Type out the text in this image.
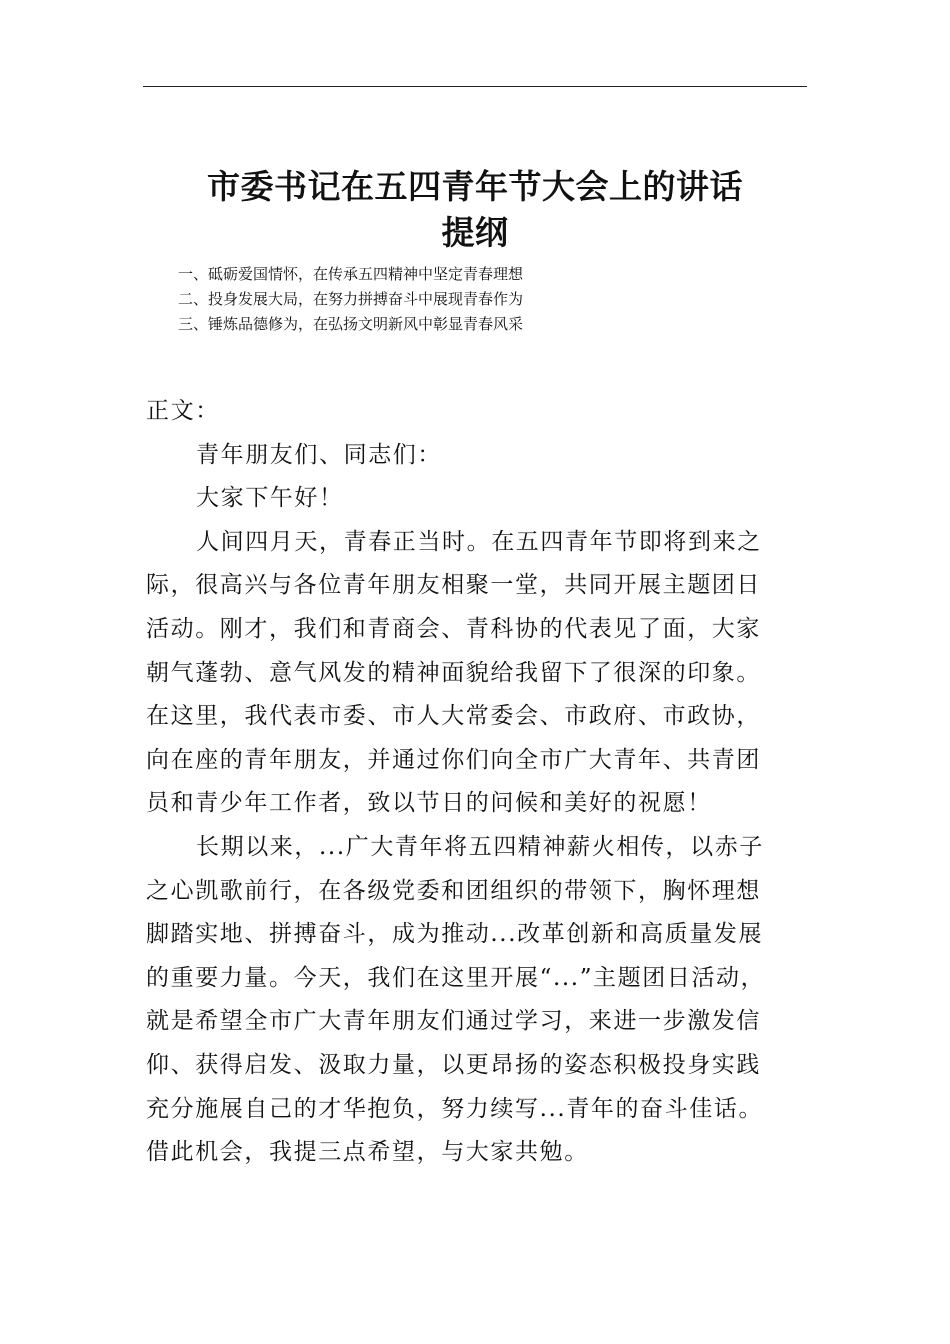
市委书记在五四青年节大会上的讲话
提纲
一、砥砺爱国情怀，在传承五四精神中坚定青春理想
二、投身发展大局，在努力拼搏奋斗中展现青春作为
三、锤炼品德修为，在弘扬文明新风中彰显青春风采
正文：
青年朋友们、同志们：
大家下午好！
人间四月天，青春正当时。在五四青年节即将到来之
际，很高兴与各位青年朋友相聚一堂，共同开展主题团日
活动。刚才，我们和青商会、青科协的代表见了面，大家
朝气蓬勃、意气风发的精神面貌给我留下了很深的印象。
在这里，我代表市委、市人大常委会、市政府、市政协，
向在座的青年朋友，并通过你们向全市广大青年、共青团
员和青少年工作者，致以节日的问候和美好的祝愿！
长期以来，...广大青年将五四精神薪火相传，以赤子
之心凯歌前行，在各级党委和团组织的带领下，胸怀理想
脚踏实地、拼搏奋斗，成为推动...改革创新和高质量发展
的重要力量。今天，我们在这里开展“...”主题团日活动，
就是希望全市广大青年朋友们通过学习，来进一步激发信
仰、获得启发、汲取力量，以更昂扬的姿态积极投身实践
充分施展自己的才华抱负，努力续写...青年的奋斗佳话。
借此机会，我提三点希望，与大家共勉。
